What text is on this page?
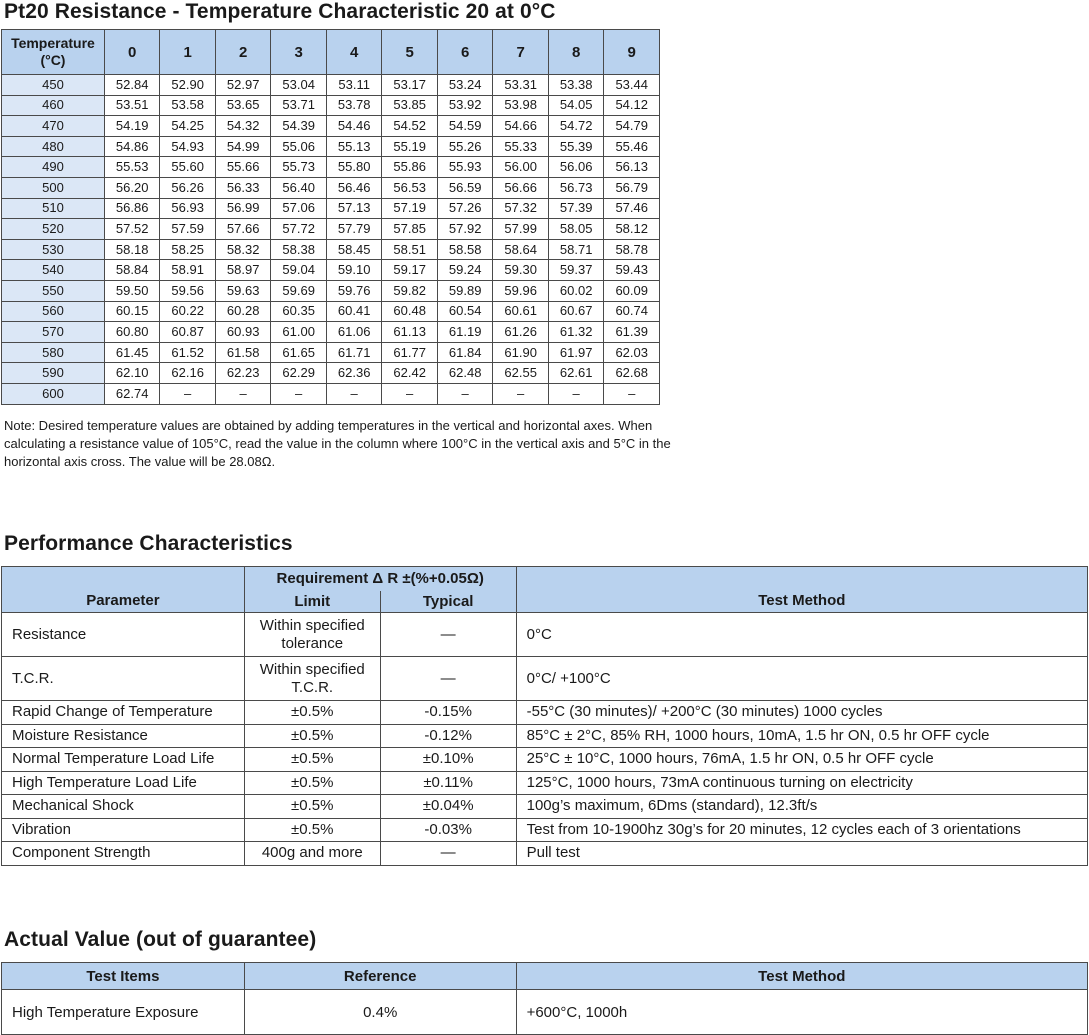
Pt20 Resistance - Temperature Characteristic 20 at 0°C
Temperature (°C)	0	1	2	3	4	5	6	7	8	9
450	52.84	52.90	52.97	53.04	53.11	53.17	53.24	53.31	53.38	53.44
460	53.51	53.58	53.65	53.71	53.78	53.85	53.92	53.98	54.05	54.12
470	54.19	54.25	54.32	54.39	54.46	54.52	54.59	54.66	54.72	54.79
480	54.86	54.93	54.99	55.06	55.13	55.19	55.26	55.33	55.39	55.46
490	55.53	55.60	55.66	55.73	55.80	55.86	55.93	56.00	56.06	56.13
500	56.20	56.26	56.33	56.40	56.46	56.53	56.59	56.66	56.73	56.79
510	56.86	56.93	56.99	57.06	57.13	57.19	57.26	57.32	57.39	57.46
520	57.52	57.59	57.66	57.72	57.79	57.85	57.92	57.99	58.05	58.12
530	58.18	58.25	58.32	58.38	58.45	58.51	58.58	58.64	58.71	58.78
540	58.84	58.91	58.97	59.04	59.10	59.17	59.24	59.30	59.37	59.43
550	59.50	59.56	59.63	59.69	59.76	59.82	59.89	59.96	60.02	60.09
560	60.15	60.22	60.28	60.35	60.41	60.48	60.54	60.61	60.67	60.74
570	60.80	60.87	60.93	61.00	61.06	61.13	61.19	61.26	61.32	61.39
580	61.45	61.52	61.58	61.65	61.71	61.77	61.84	61.90	61.97	62.03
590	62.10	62.16	62.23	62.29	62.36	62.42	62.48	62.55	62.61	62.68
600	62.74	–	–	–	–	–	–	–	–	–

Note: Desired temperature values are obtained by adding temperatures in the vertical and horizontal axes. When calculating a resistance value of 105°C, read the value in the column where 100°C in the vertical axis and 5°C in the horizontal axis cross. The value will be 28.08Ω.

Performance Characteristics
Parameter	Requirement Δ R ±(%+0.05Ω)		Test Method
	Limit	Typical	
Resistance	Within specified tolerance	—	0°C
T.C.R.	Within specified T.C.R.	—	0°C/ +100°C
Rapid Change of Temperature	±0.5%	-0.15%	-55°C (30 minutes)/ +200°C (30 minutes) 1000 cycles
Moisture Resistance	±0.5%	-0.12%	85°C ± 2°C, 85% RH, 1000 hours, 10mA, 1.5 hr ON, 0.5 hr OFF cycle
Normal Temperature Load Life	±0.5%	±0.10%	25°C ± 10°C, 1000 hours, 76mA, 1.5 hr ON, 0.5 hr OFF cycle
High Temperature Load Life	±0.5%	±0.11%	125°C, 1000 hours, 73mA continuous turning on electricity
Mechanical Shock	±0.5%	±0.04%	100g’s maximum, 6Dms (standard), 12.3ft/s
Vibration	±0.5%	-0.03%	Test from 10-1900hz 30g’s for 20 minutes, 12 cycles each of 3 orientations
Component Strength	400g and more	—	Pull test
Actual Value (out of guarantee)
Test Items	Reference	Test Method
High Temperature Exposure	0.4%	+600°C, 1000h
